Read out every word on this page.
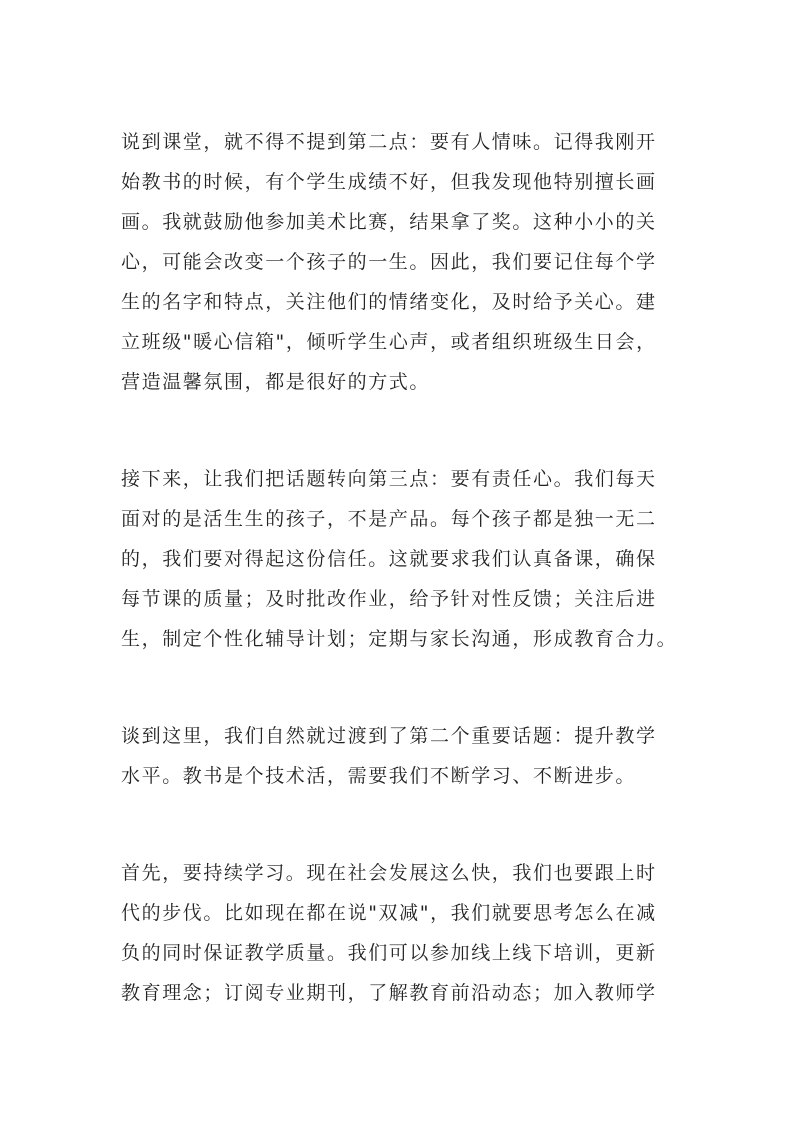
说到课堂，就不得不提到第二点：要有人情味。记得我刚开
始教书的时候，有个学生成绩不好，但我发现他特别擅长画
画。我就鼓励他参加美术比赛，结果拿了奖。这种小小的关
心，可能会改变一个孩子的一生。因此，我们要记住每个学
生的名字和特点，关注他们的情绪变化，及时给予关心。建
立班级"暖心信箱"，倾听学生心声，或者组织班级生日会，
营造温馨氛围，都是很好的方式。
接下来，让我们把话题转向第三点：要有责任心。我们每天
面对的是活生生的孩子，不是产品。每个孩子都是独一无二
的，我们要对得起这份信任。这就要求我们认真备课，确保
每节课的质量；及时批改作业，给予针对性反馈；关注后进
生，制定个性化辅导计划；定期与家长沟通，形成教育合力。
谈到这里，我们自然就过渡到了第二个重要话题：提升教学
水平。教书是个技术活，需要我们不断学习、不断进步。
首先，要持续学习。现在社会发展这么快，我们也要跟上时
代的步伐。比如现在都在说"双减"，我们就要思考怎么在减
负的同时保证教学质量。我们可以参加线上线下培训，更新
教育理念；订阅专业期刊，了解教育前沿动态；加入教师学
